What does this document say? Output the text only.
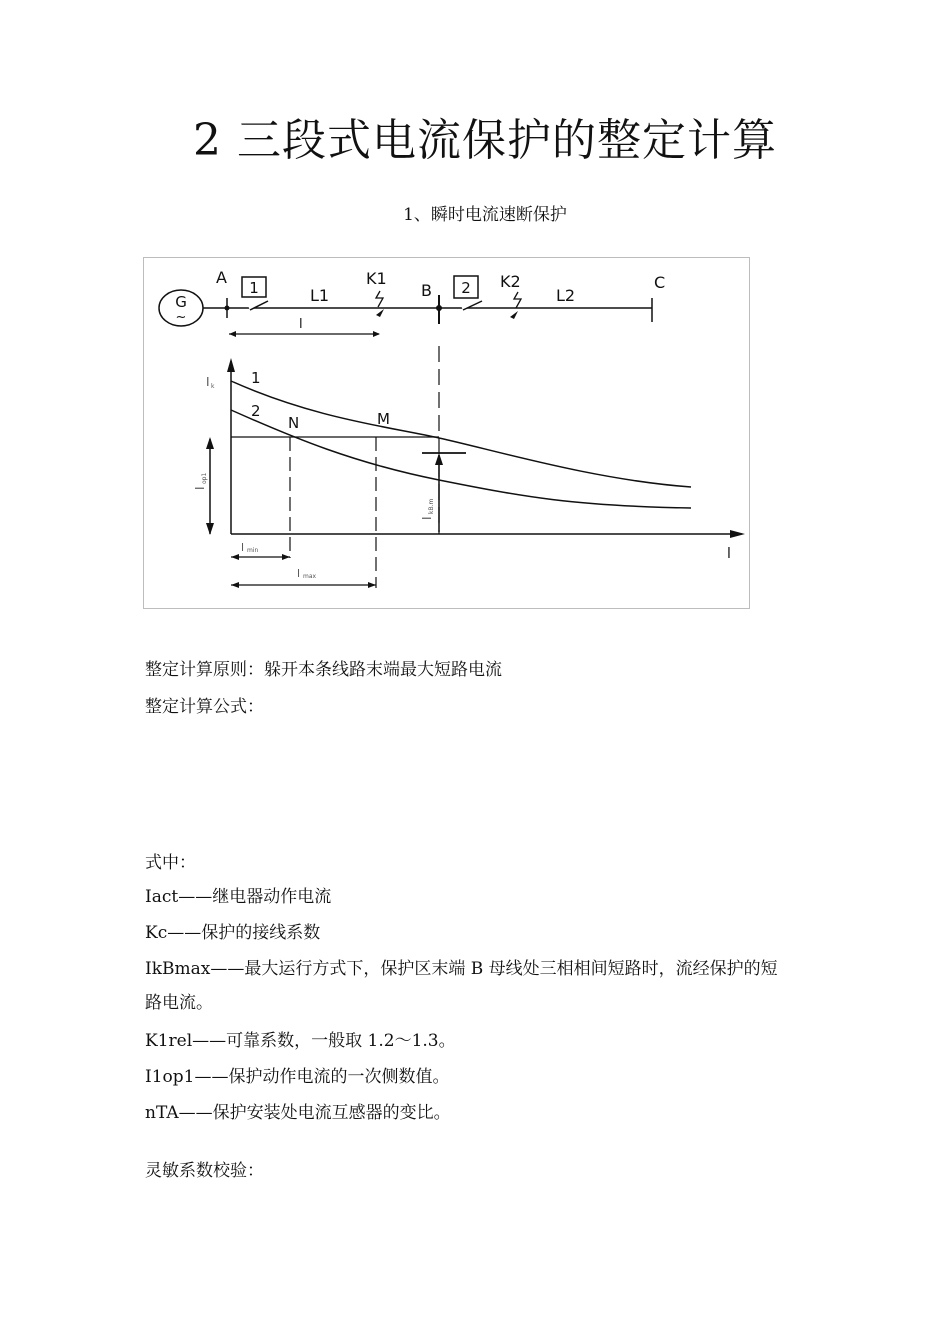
2 三段式电流保护的整定计算
1、瞬时电流速断保护
G
~
A
1	L1
K1
B 2 K2
L2
C
l
l
I k 1
2
N	M
I
op1
I
kB.m
l min
l max
整定计算原则：躲开本条线路末端最大短路电流
整定计算公式：
式中：
Iact——继电器动作电流
Kc——保护的接线系数
IkBmax——最大运行方式下，保护区末端 B 母线处三相相间短路时，流经保护的短
路电流。
K1rel——可靠系数，一般取 1.2～1.3。
I1op1——保护动作电流的一次侧数值。
nTA——保护安装处电流互感器的变比。
灵敏系数校验：
